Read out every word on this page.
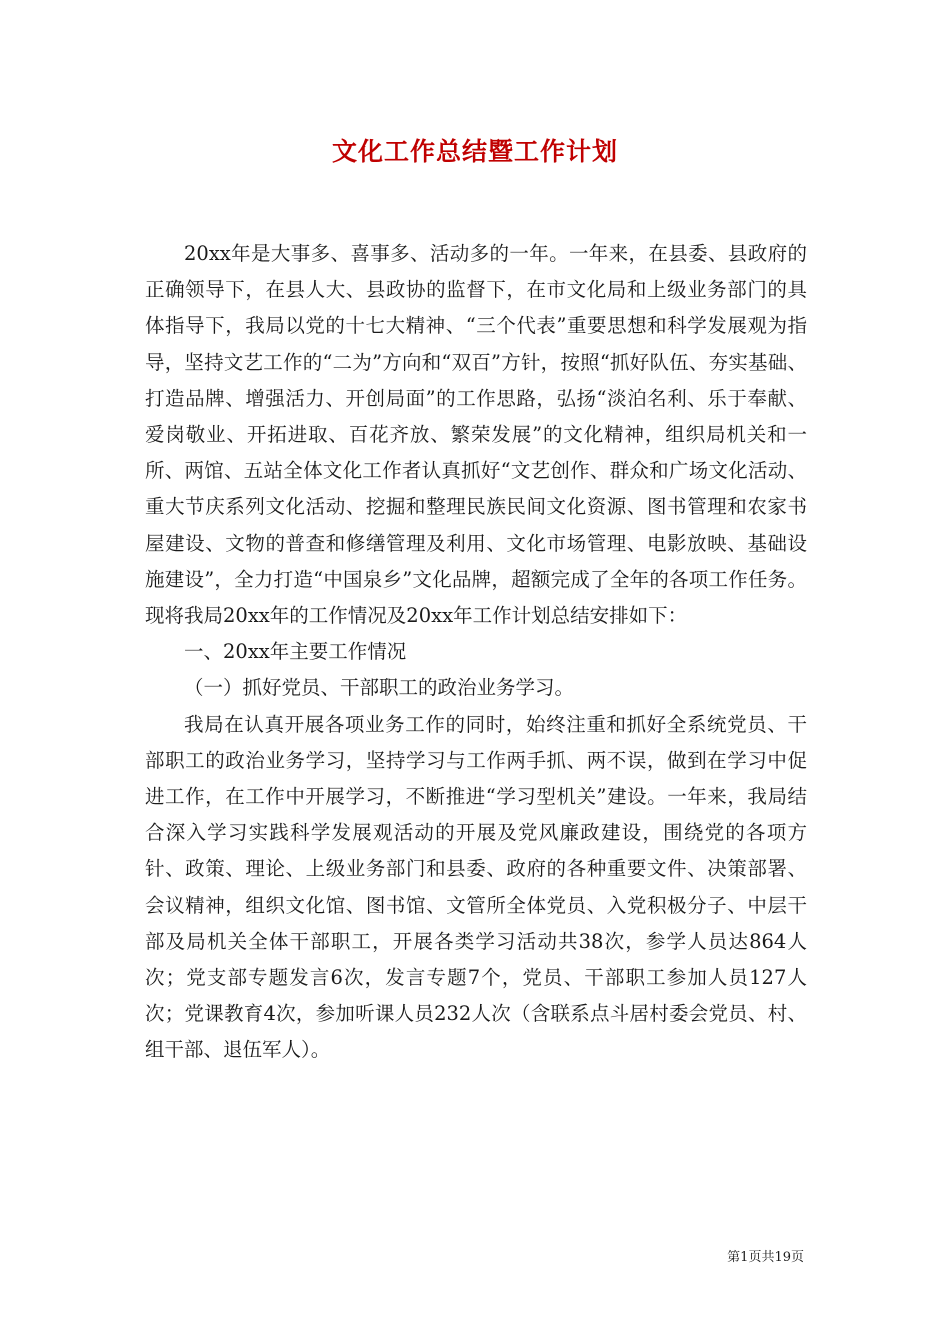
文化工作总结暨工作计划

20xx年是大事多、喜事多、活动多的一年。一年来，在县委、县政府的正确领导下，在县人大、县政协的监督下，在市文化局和上级业务部门的具体指导下，我局以党的十七大精神、“三个代表”重要思想和科学发展观为指导，坚持文艺工作的“二为”方向和“双百”方针，按照“抓好队伍、夯实基础、打造品牌、增强活力、开创局面”的工作思路，弘扬“淡泊名利、乐于奉献、爱岗敬业、开拓进取、百花齐放、繁荣发展”的文化精神，组织局机关和一所、两馆、五站全体文化工作者认真抓好“文艺创作、群众和广场文化活动、重大节庆系列文化活动、挖掘和整理民族民间文化资源、图书管理和农家书屋建设、文物的普查和修缮管理及利用、文化市场管理、电影放映、基础设施建设”，全力打造“中国泉乡”文化品牌，超额完成了全年的各项工作任务。现将我局20xx年的工作情况及20xx年工作计划总结安排如下：

一、20xx年主要工作情况

（一）抓好党员、干部职工的政治业务学习。

我局在认真开展各项业务工作的同时，始终注重和抓好全系统党员、干部职工的政治业务学习，坚持学习与工作两手抓、两不误，做到在学习中促进工作，在工作中开展学习，不断推进“学习型机关”建设。一年来，我局结合深入学习实践科学发展观活动的开展及党风廉政建设，围绕党的各项方针、政策、理论、上级业务部门和县委、政府的各种重要文件、决策部署、会议精神，组织文化馆、图书馆、文管所全体党员、入党积极分子、中层干部及局机关全体干部职工，开展各类学习活动共38次，参学人员达864人次；党支部专题发言6次，发言专题7个，党员、干部职工参加人员127人次；党课教育4次，参加听课人员232人次（含联系点斗居村委会党员、村、组干部、退伍军人）。

第1页共19页
